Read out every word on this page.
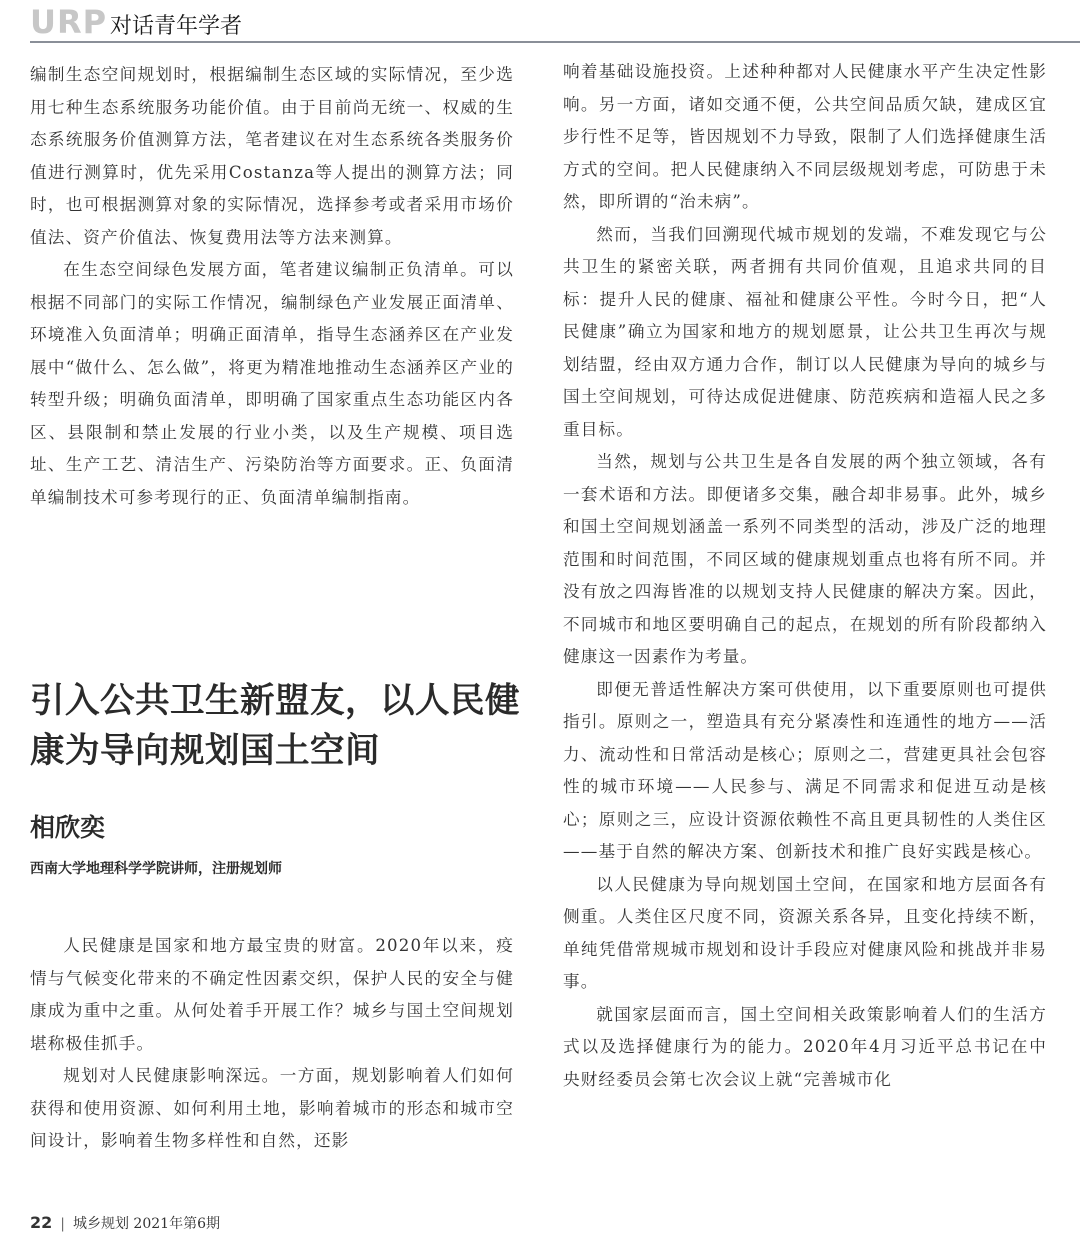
URP 对话青年学者

编制生态空间规划时，根据编制生态区域的实际情况，至少选用七种生态系统服务功能价值。由于目前尚无统一、权威的生态系统服务价值测算方法，笔者建议在对生态系统各类服务价值进行测算时，优先采用Costanza等人提出的测算方法；同时，也可根据测算对象的实际情况，选择参考或者采用市场价值法、资产价值法、恢复费用法等方法来测算。

在生态空间绿色发展方面，笔者建议编制正负清单。可以根据不同部门的实际工作情况，编制绿色产业发展正面清单、环境准入负面清单；明确正面清单，指导生态涵养区在产业发展中“做什么、怎么做”，将更为精准地推动生态涵养区产业的转型升级；明确负面清单，即明确了国家重点生态功能区内各区、县限制和禁止发展的行业小类，以及生产规模、项目选址、生产工艺、清洁生产、污染防治等方面要求。正、负面清单编制技术可参考现行的正、负面清单编制指南。

引入公共卫生新盟友，以人民健康为导向规划国土空间
相欣奕
西南大学地理科学学院讲师，注册规划师

人民健康是国家和地方最宝贵的财富。2020年以来，疫情与气候变化带来的不确定性因素交织，保护人民的安全与健康成为重中之重。从何处着手开展工作？城乡与国土空间规划堪称极佳抓手。

规划对人民健康影响深远。一方面，规划影响着人们如何获得和使用资源、如何利用土地，影响着城市的形态和城市空间设计，影响着生物多样性和自然，还影

响着基础设施投资。上述种种都对人民健康水平产生决定性影响。另一方面，诸如交通不便，公共空间品质欠缺，建成区宜步行性不足等，皆因规划不力导致，限制了人们选择健康生活方式的空间。把人民健康纳入不同层级规划考虑，可防患于未然，即所谓的“治未病”。

然而，当我们回溯现代城市规划的发端，不难发现它与公共卫生的紧密关联，两者拥有共同价值观，且追求共同的目标：提升人民的健康、福祉和健康公平性。今时今日，把“人民健康”确立为国家和地方的规划愿景，让公共卫生再次与规划结盟，经由双方通力合作，制订以人民健康为导向的城乡与国土空间规划，可待达成促进健康、防范疾病和造福人民之多重目标。

当然，规划与公共卫生是各自发展的两个独立领域，各有一套术语和方法。即便诸多交集，融合却非易事。此外，城乡和国土空间规划涵盖一系列不同类型的活动，涉及广泛的地理范围和时间范围，不同区域的健康规划重点也将有所不同。并没有放之四海皆准的以规划支持人民健康的解决方案。因此，不同城市和地区要明确自己的起点，在规划的所有阶段都纳入健康这一因素作为考量。

即便无普适性解决方案可供使用，以下重要原则也可提供指引。原则之一，塑造具有充分紧凑性和连通性的地方——活力、流动性和日常活动是核心；原则之二，营建更具社会包容性的城市环境——人民参与、满足不同需求和促进互动是核心；原则之三，应设计资源依赖性不高且更具韧性的人类住区——基于自然的解决方案、创新技术和推广良好实践是核心。

以人民健康为导向规划国土空间，在国家和地方层面各有侧重。人类住区尺度不同，资源关系各异，且变化持续不断，单纯凭借常规城市规划和设计手段应对健康风险和挑战并非易事。

就国家层面而言，国土空间相关政策影响着人们的生活方式以及选择健康行为的能力。2020年4月习近平总书记在中央财经委员会第七次会议上就“完善城市化

22 | 城乡规划 2021年第6期
